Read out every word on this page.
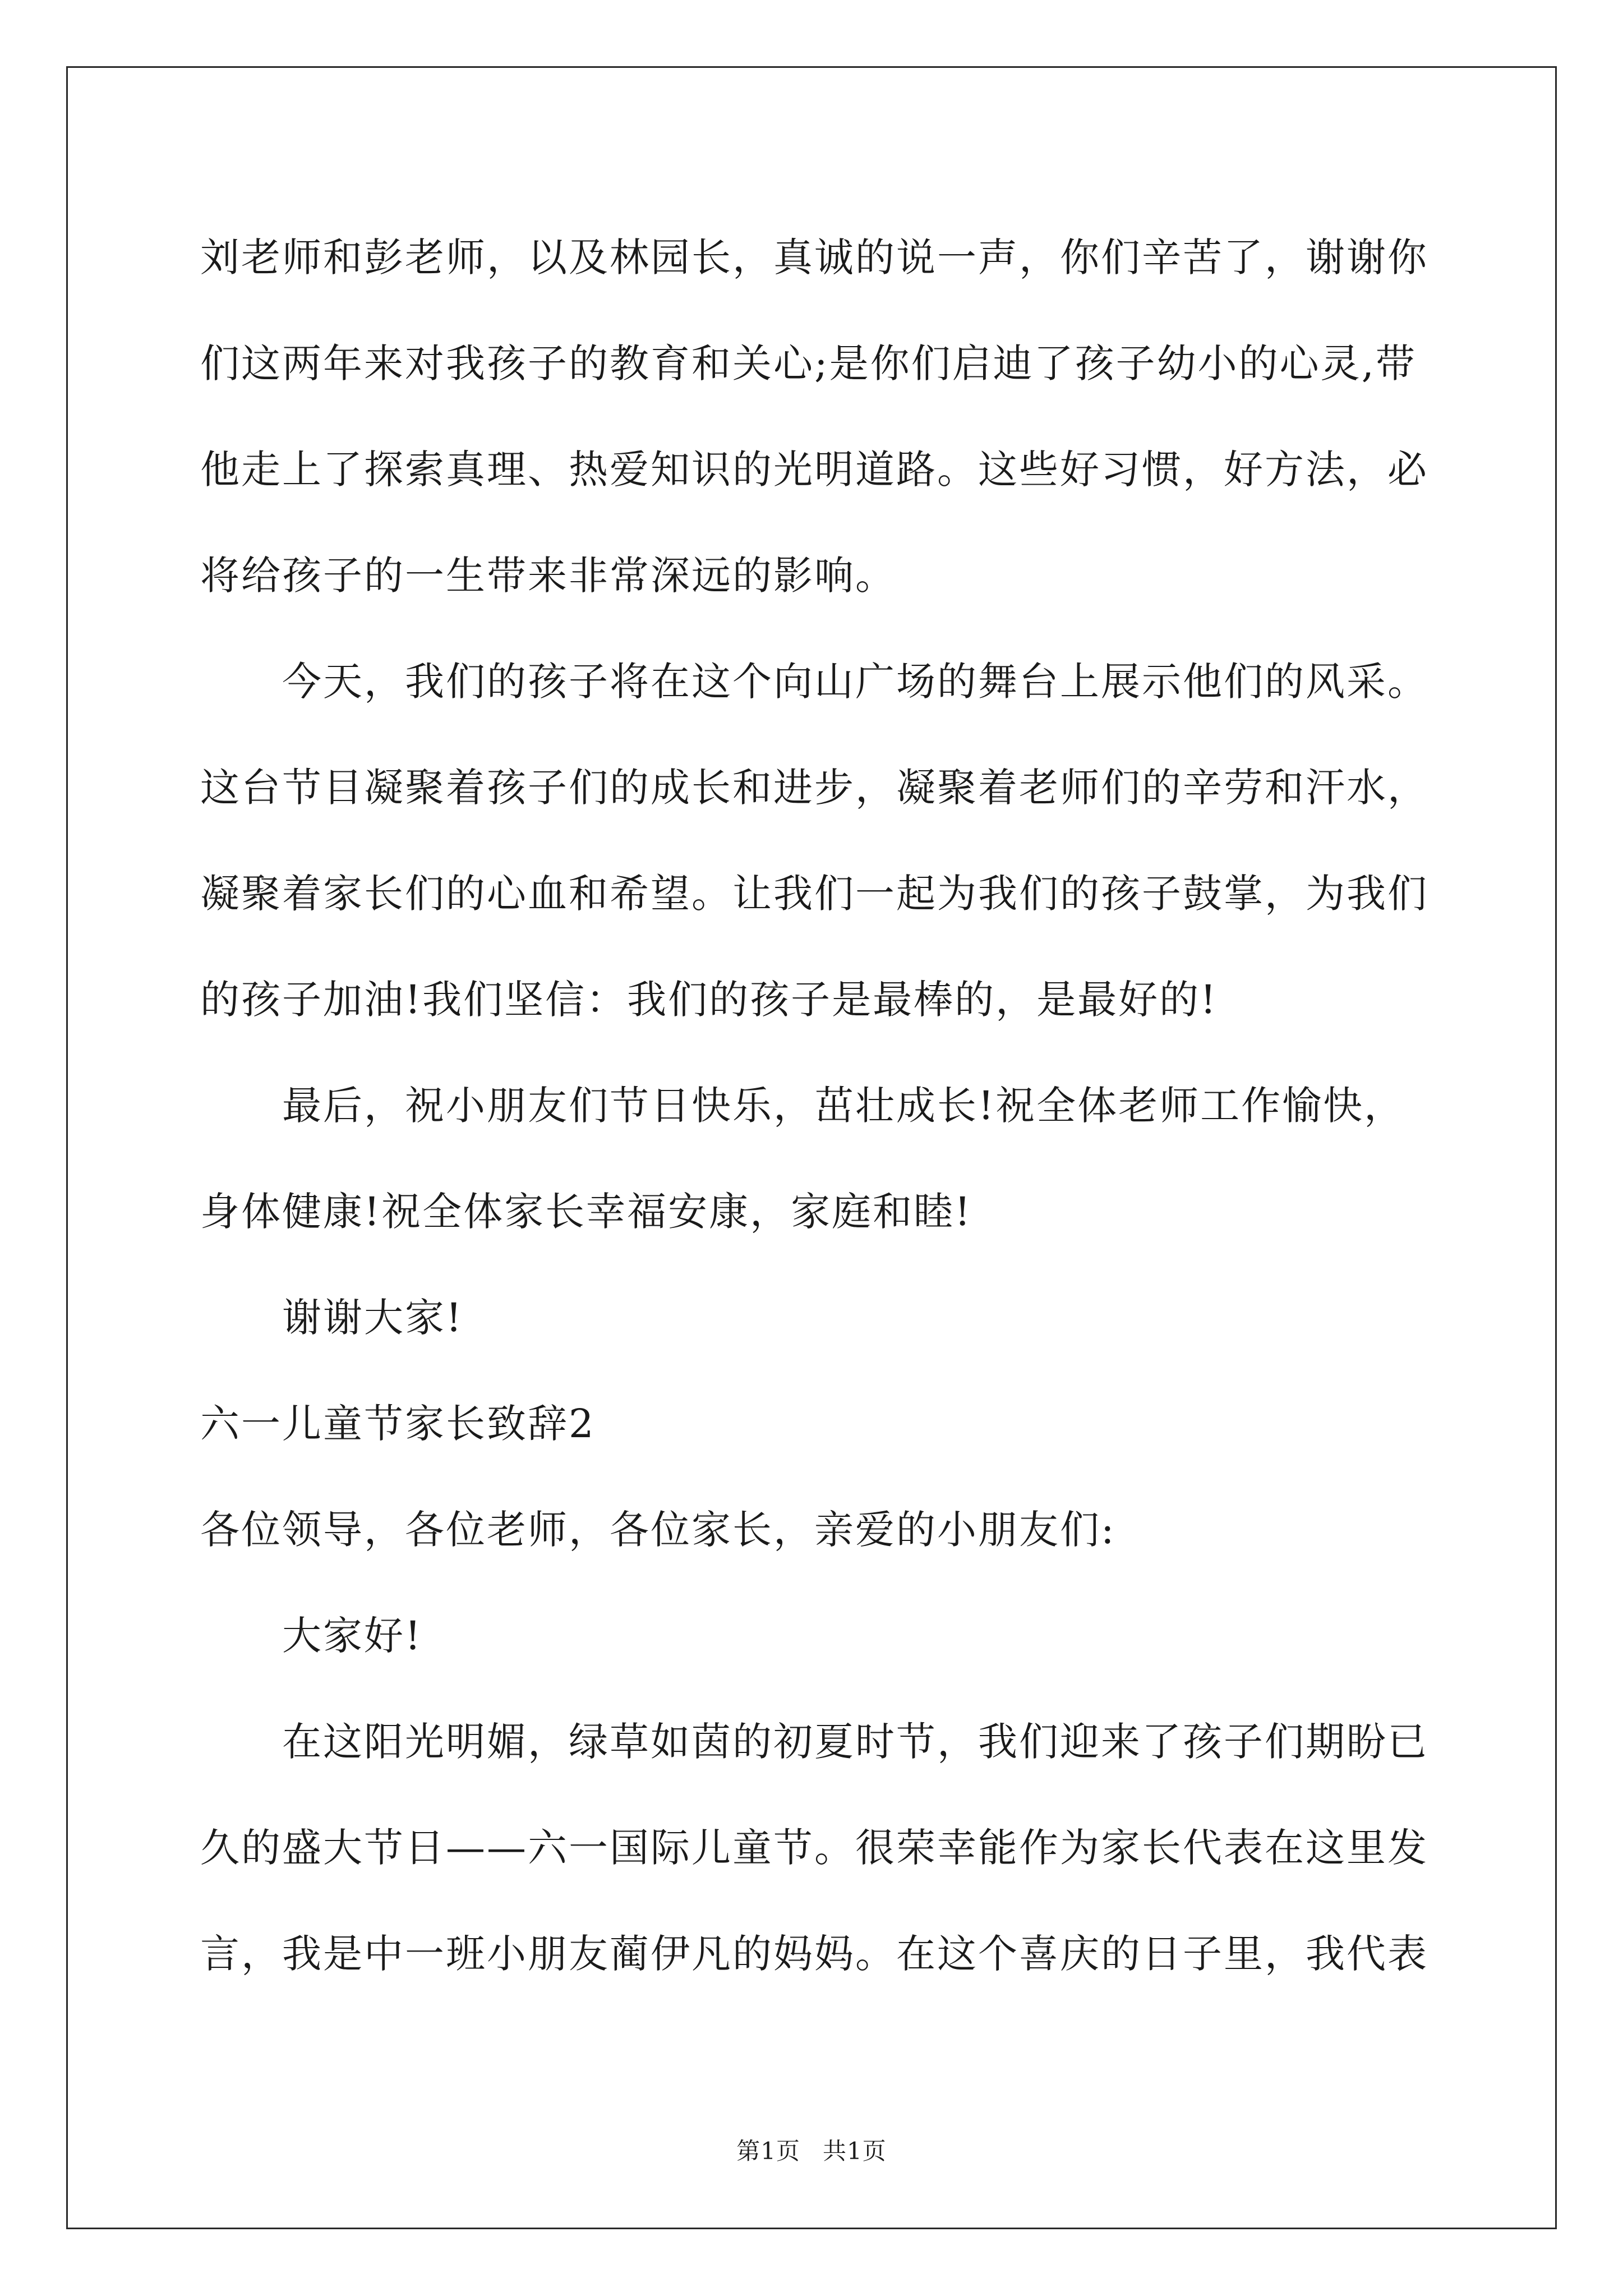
刘老师和彭老师，以及林园长，真诚的说一声，你们辛苦了，谢谢你们这两年来对我孩子的教育和关心;是你们启迪了孩子幼小的心灵,带他走上了探索真理、热爱知识的光明道路。这些好习惯，好方法，必将给孩子的一生带来非常深远的影响。

今天，我们的孩子将在这个向山广场的舞台上展示他们的风采。这台节目凝聚着孩子们的成长和进步，凝聚着老师们的辛劳和汗水，凝聚着家长们的心血和希望。让我们一起为我们的孩子鼓掌，为我们的孩子加油!我们坚信：我们的孩子是最棒的，是最好的!

最后，祝小朋友们节日快乐，茁壮成长!祝全体老师工作愉快，身体健康!祝全体家长幸福安康，家庭和睦!

谢谢大家!

六一儿童节家长致辞2

各位领导，各位老师，各位家长，亲爱的小朋友们:

大家好!

在这阳光明媚，绿草如茵的初夏时节，我们迎来了孩子们期盼已久的盛大节日——六一国际儿童节。很荣幸能作为家长代表在这里发言，我是中一班小朋友蔺伊凡的妈妈。在这个喜庆的日子里，我代表

第1页 共1页
